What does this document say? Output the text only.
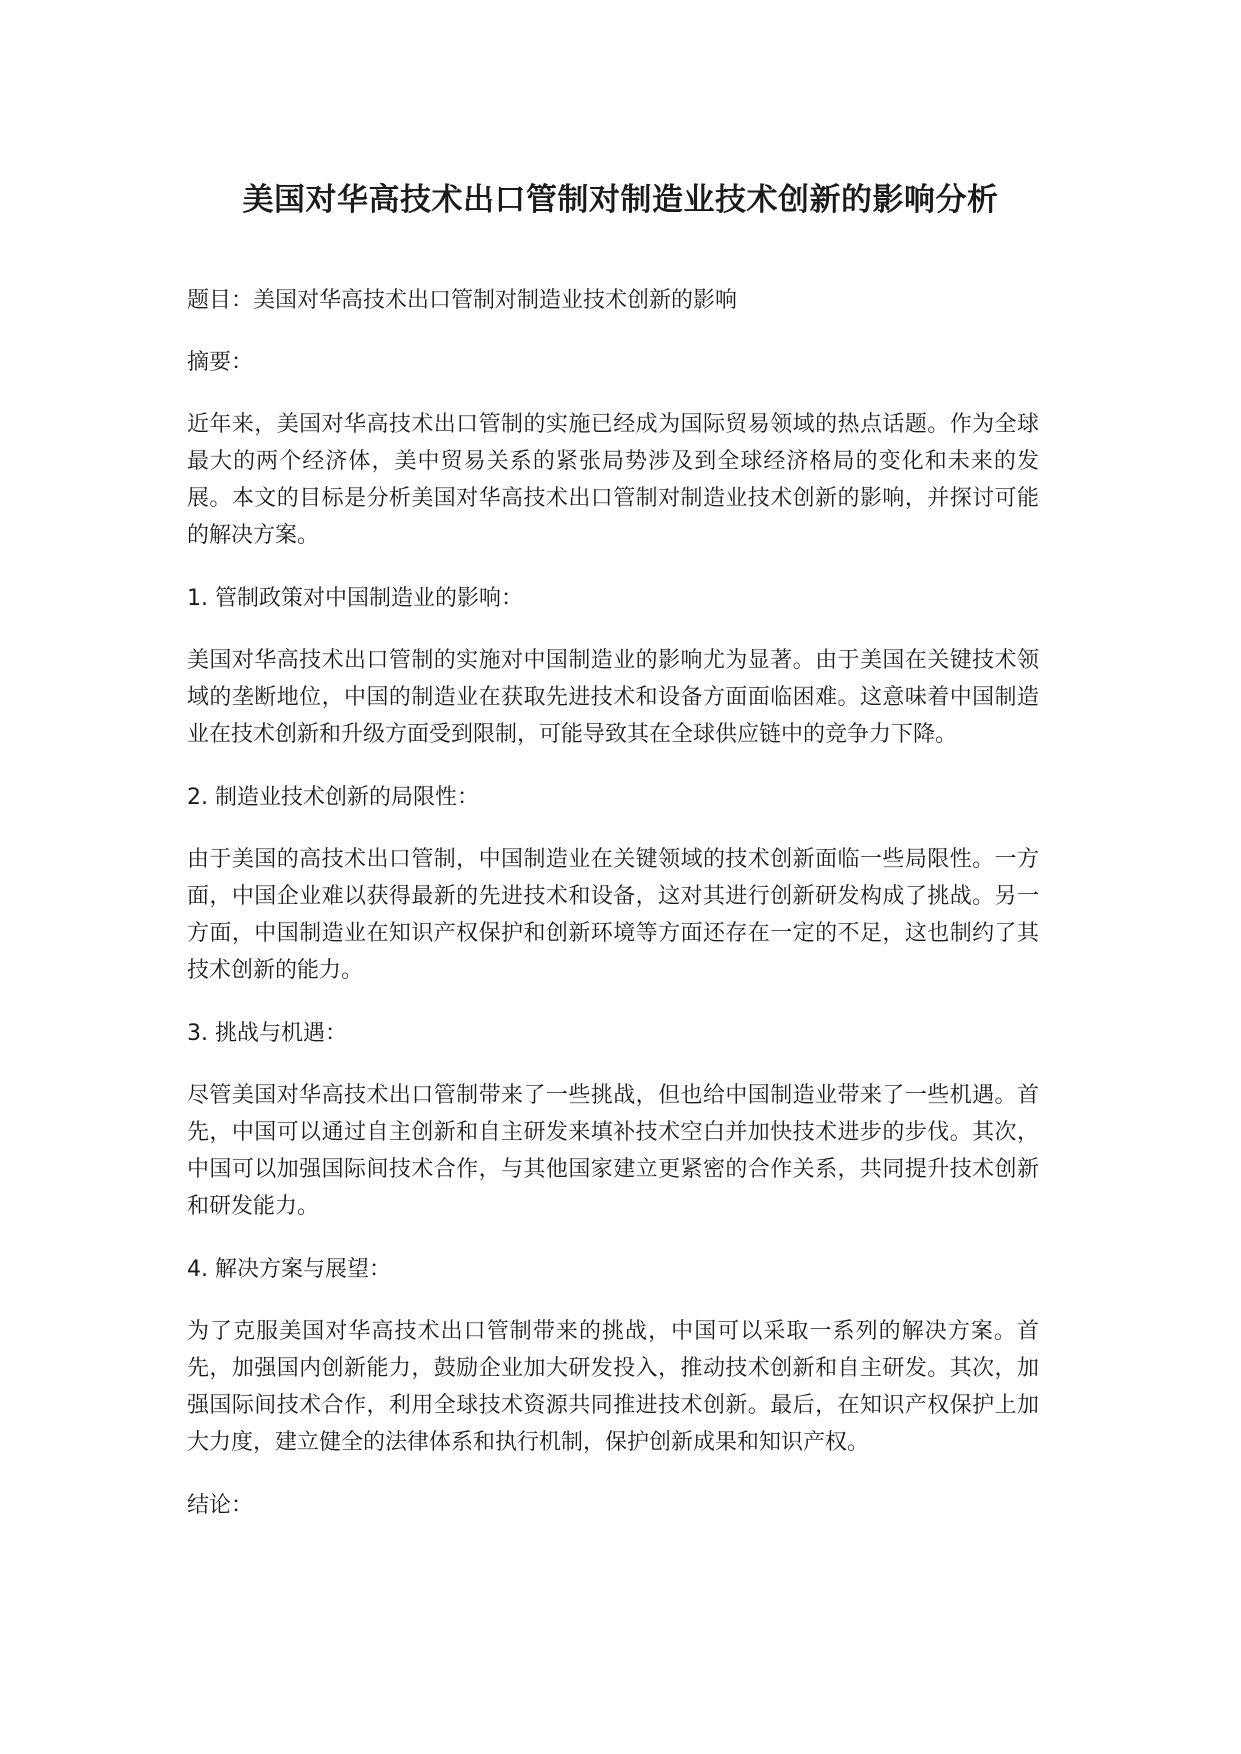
美国对华高技术出口管制对制造业技术创新的影响分析

题目：美国对华高技术出口管制对制造业技术创新的影响

摘要：

近年来，美国对华高技术出口管制的实施已经成为国际贸易领域的热点话题。作为全球最大的两个经济体，美中贸易关系的紧张局势涉及到全球经济格局的变化和未来的发展。本文的目标是分析美国对华高技术出口管制对制造业技术创新的影响，并探讨可能的解决方案。

1. 管制政策对中国制造业的影响：

美国对华高技术出口管制的实施对中国制造业的影响尤为显著。由于美国在关键技术领域的垄断地位，中国的制造业在获取先进技术和设备方面面临困难。这意味着中国制造业在技术创新和升级方面受到限制，可能导致其在全球供应链中的竞争力下降。

2. 制造业技术创新的局限性：

由于美国的高技术出口管制，中国制造业在关键领域的技术创新面临一些局限性。一方面，中国企业难以获得最新的先进技术和设备，这对其进行创新研发构成了挑战。另一方面，中国制造业在知识产权保护和创新环境等方面还存在一定的不足，这也制约了其技术创新的能力。

3. 挑战与机遇：

尽管美国对华高技术出口管制带来了一些挑战，但也给中国制造业带来了一些机遇。首先，中国可以通过自主创新和自主研发来填补技术空白并加快技术进步的步伐。其次，中国可以加强国际间技术合作，与其他国家建立更紧密的合作关系，共同提升技术创新和研发能力。

4. 解决方案与展望：

为了克服美国对华高技术出口管制带来的挑战，中国可以采取一系列的解决方案。首先，加强国内创新能力，鼓励企业加大研发投入，推动技术创新和自主研发。其次，加强国际间技术合作，利用全球技术资源共同推进技术创新。最后，在知识产权保护上加大力度，建立健全的法律体系和执行机制，保护创新成果和知识产权。

结论：
